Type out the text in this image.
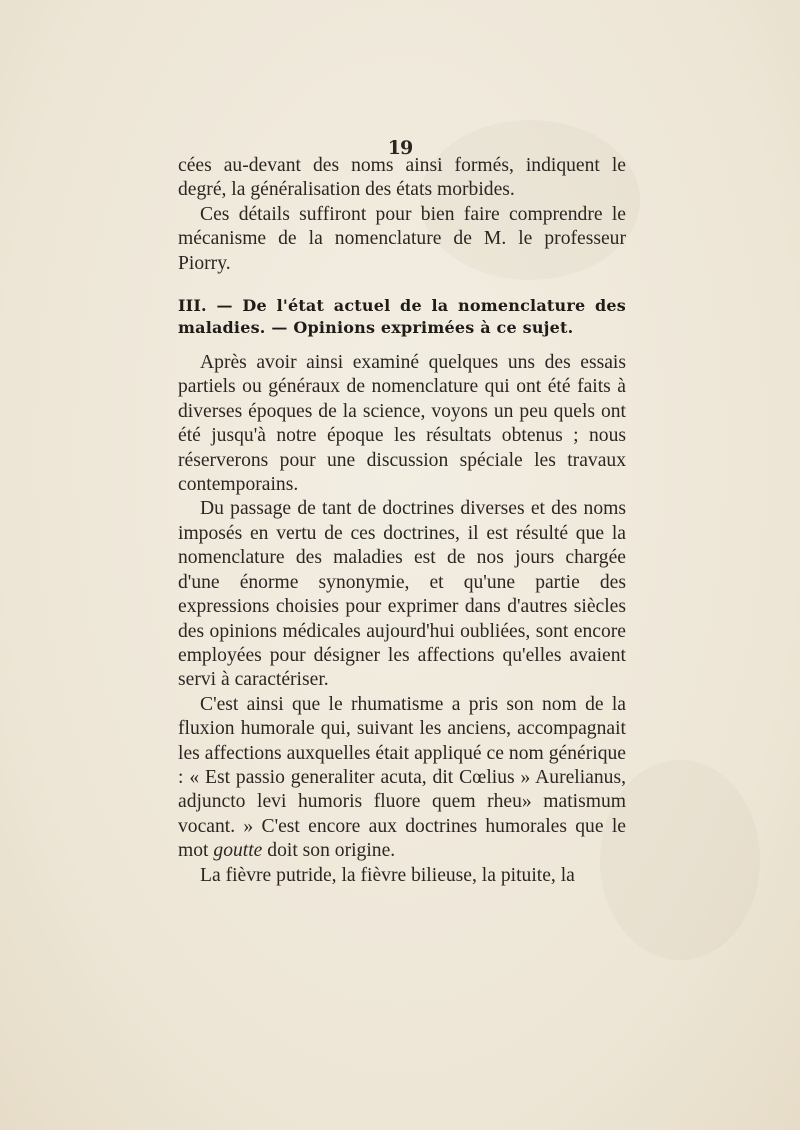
19

cées au-devant des noms ainsi formés, indiquent le degré, la généralisation des états morbides.

Ces détails suffiront pour bien faire comprendre le mécanisme de la nomenclature de M. le professeur Piorry.

III. — De l'état actuel de la nomenclature des maladies. — Opinions exprimées à ce sujet.

Après avoir ainsi examiné quelques uns des essais partiels ou généraux de nomenclature qui ont été faits à diverses époques de la science, voyons un peu quels ont été jusqu'à notre époque les résultats obtenus ; nous réserverons pour une discussion spéciale les travaux contemporains.

Du passage de tant de doctrines diverses et des noms imposés en vertu de ces doctrines, il est résulté que la nomenclature des maladies est de nos jours chargée d'une énorme synonymie, et qu'une partie des expressions choisies pour exprimer dans d'autres siècles des opinions médicales aujourd'hui oubliées, sont encore employées pour désigner les affections qu'elles avaient servi à caractériser.

C'est ainsi que le rhumatisme a pris son nom de la fluxion humorale qui, suivant les anciens, accompagnait les affections auxquelles était appliqué ce nom générique : « Est passio generaliter acuta, dit Cœlius » Aurelianus, adjuncto levi humoris fluore quem rheu» matismum vocant. » C'est encore aux doctrines humorales que le mot goutte doit son origine.

La fièvre putride, la fièvre bilieuse, la pituite, la
